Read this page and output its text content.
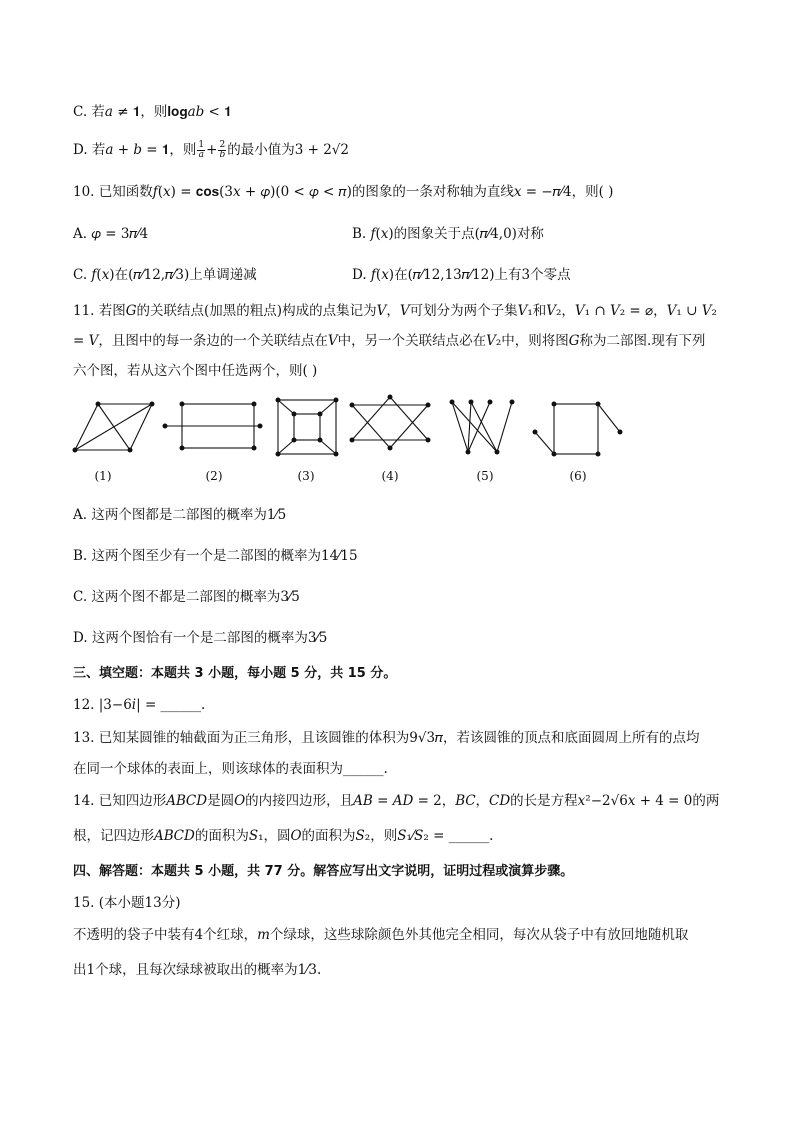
C. 若𝑎 ≠ 𝟏，则𝐥𝐨𝐠𝑎𝑏 < 𝟏
D. 若𝑎 + 𝑏 = 𝟏，则 $\frac{1}{a} + \frac{2}{b}$ 的最小值为3 + 2√2
10. 已知函数𝑓(𝑥) = 𝐜𝐨𝐬(3𝑥 + 𝜑)(0 < 𝜑 < 𝜋)的图象的一条对称轴为直线𝑥 = −𝜋⁄4，则( )
A. 𝜑 = 3𝜋⁄4	B. 𝑓(𝑥)的图象关于点(𝜋⁄4,0)对称
C. 𝑓(𝑥)在(𝜋⁄12,𝜋⁄3)上单调递减	D. 𝑓(𝑥)在(𝜋⁄12,13𝜋⁄12)上有3个零点
11. 若图𝐺的关联结点(加黑的粗点)构成的点集记为𝑉，𝑉可划分为两个子集𝑉₁和𝑉₂，𝑉₁ ∩ 𝑉₂ = ⌀，𝑉₁ ∪ 𝑉₂
= 𝑉，且图中的每一条边的一个关联结点在𝑉中，另一个关联结点必在𝑉₂中，则将图𝐺称为二部图.现有下列
六个图，若从这六个图中任选两个，则( )
(1)	(2)	(3)	(4)	(5)	(6)
A. 这两个图都是二部图的概率为1⁄5
B. 这两个图至少有一个是二部图的概率为14⁄15
C. 这两个图不都是二部图的概率为3⁄5
D. 这两个图恰有一个是二部图的概率为3⁄5
三、填空题：本题共 3 小题，每小题 5 分，共 15 分。
12. |3−6𝑖| = ______.
13. 已知某圆锥的轴截面为正三角形，且该圆锥的体积为9√3𝜋，若该圆锥的顶点和底面圆周上所有的点均
在同一个球体的表面上，则该球体的表面积为______.
14. 已知四边形𝐴𝐵𝐶𝐷是圆𝑂的内接四边形，且𝐴𝐵 = 𝐴𝐷 = 2，𝐵𝐶，𝐶𝐷的长是方程𝑥²−2√6𝑥 + 4 = 0的两
根，记四边形𝐴𝐵𝐶𝐷的面积为𝑆₁，圆𝑂的面积为𝑆₂，则𝑆₁⁄𝑆₂ = ______.
四、解答题：本题共 5 小题，共 77 分。解答应写出文字说明，证明过程或演算步骤。
15. (本小题13分)
不透明的袋子中装有4个红球，𝑚个绿球，这些球除颜色外其他完全相同，每次从袋子中有放回地随机取
出1个球，且每次绿球被取出的概率为1⁄3.
